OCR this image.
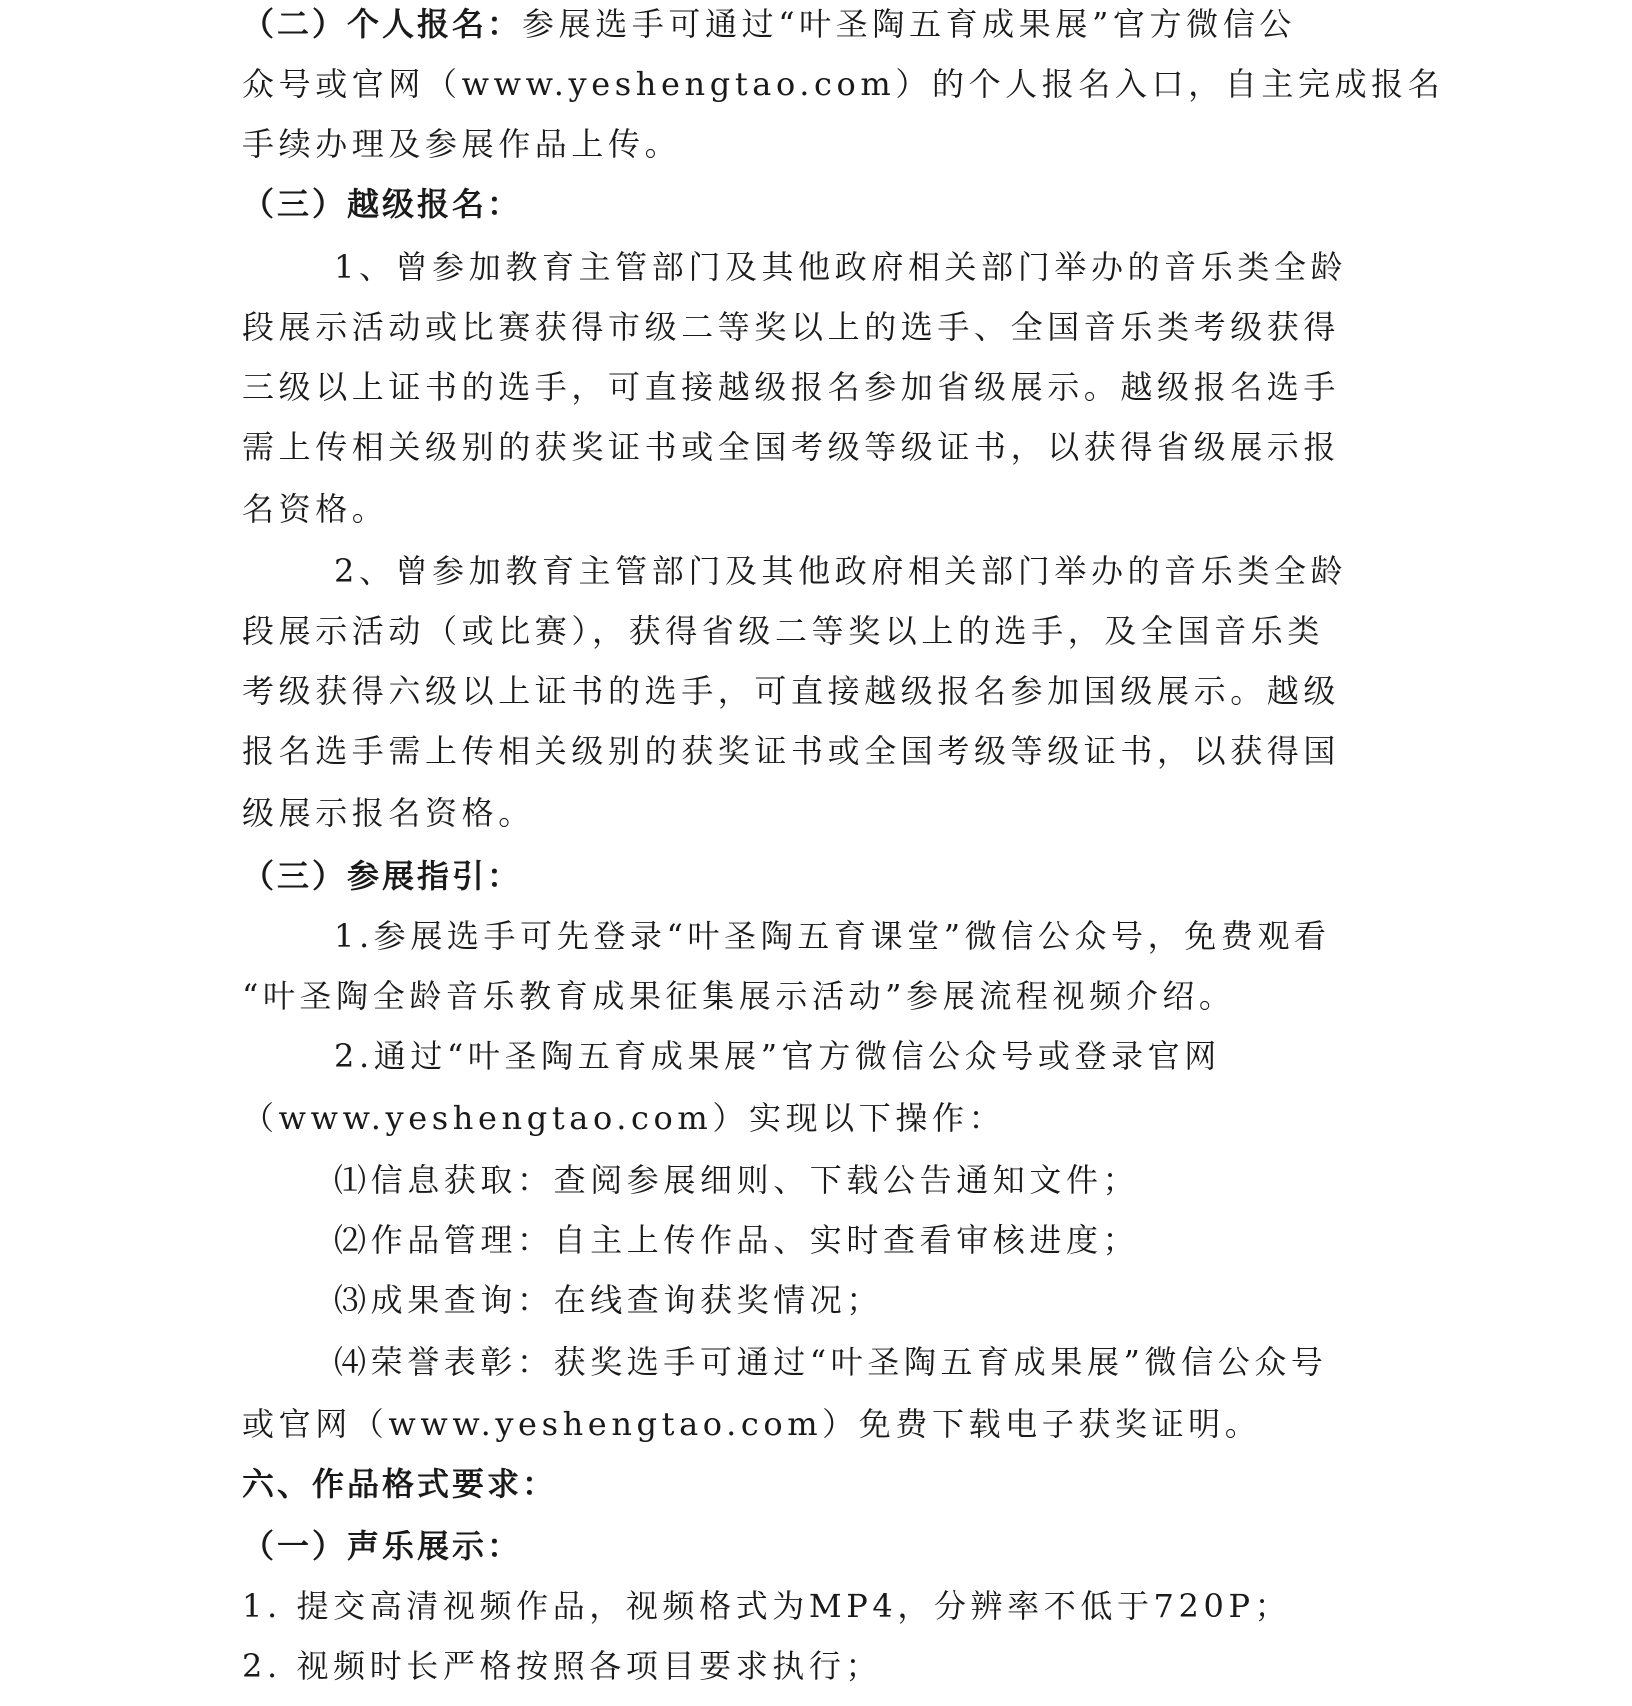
（二）个人报名：参展选手可通过“叶圣陶五育成果展”官方微信公
众号或官网（www.yeshengtao.com）的个人报名入口，自主完成报名
手续办理及参展作品上传。
（三）越级报名：
1、曾参加教育主管部门及其他政府相关部门举办的音乐类全龄
段展示活动或比赛获得市级二等奖以上的选手、全国音乐类考级获得
三级以上证书的选手，可直接越级报名参加省级展示。越级报名选手
需上传相关级别的获奖证书或全国考级等级证书，以获得省级展示报
名资格。
2、曾参加教育主管部门及其他政府相关部门举办的音乐类全龄
段展示活动（或比赛），获得省级二等奖以上的选手，及全国音乐类
考级获得六级以上证书的选手，可直接越级报名参加国级展示。越级
报名选手需上传相关级别的获奖证书或全国考级等级证书，以获得国
级展示报名资格。
（三）参展指引：
1.参展选手可先登录“叶圣陶五育课堂”微信公众号，免费观看
“叶圣陶全龄音乐教育成果征集展示活动”参展流程视频介绍。
2.通过“叶圣陶五育成果展”官方微信公众号或登录官网
（www.yeshengtao.com）实现以下操作：
⑴信息获取：查阅参展细则、下载公告通知文件；
⑵作品管理：自主上传作品、实时查看审核进度；
⑶成果查询：在线查询获奖情况；
⑷荣誉表彰：获奖选手可通过“叶圣陶五育成果展”微信公众号
或官网（www.yeshengtao.com）免费下载电子获奖证明。
六、作品格式要求：
（一）声乐展示：
1. 提交高清视频作品，视频格式为MP4，分辨率不低于720P；
2. 视频时长严格按照各项目要求执行；
